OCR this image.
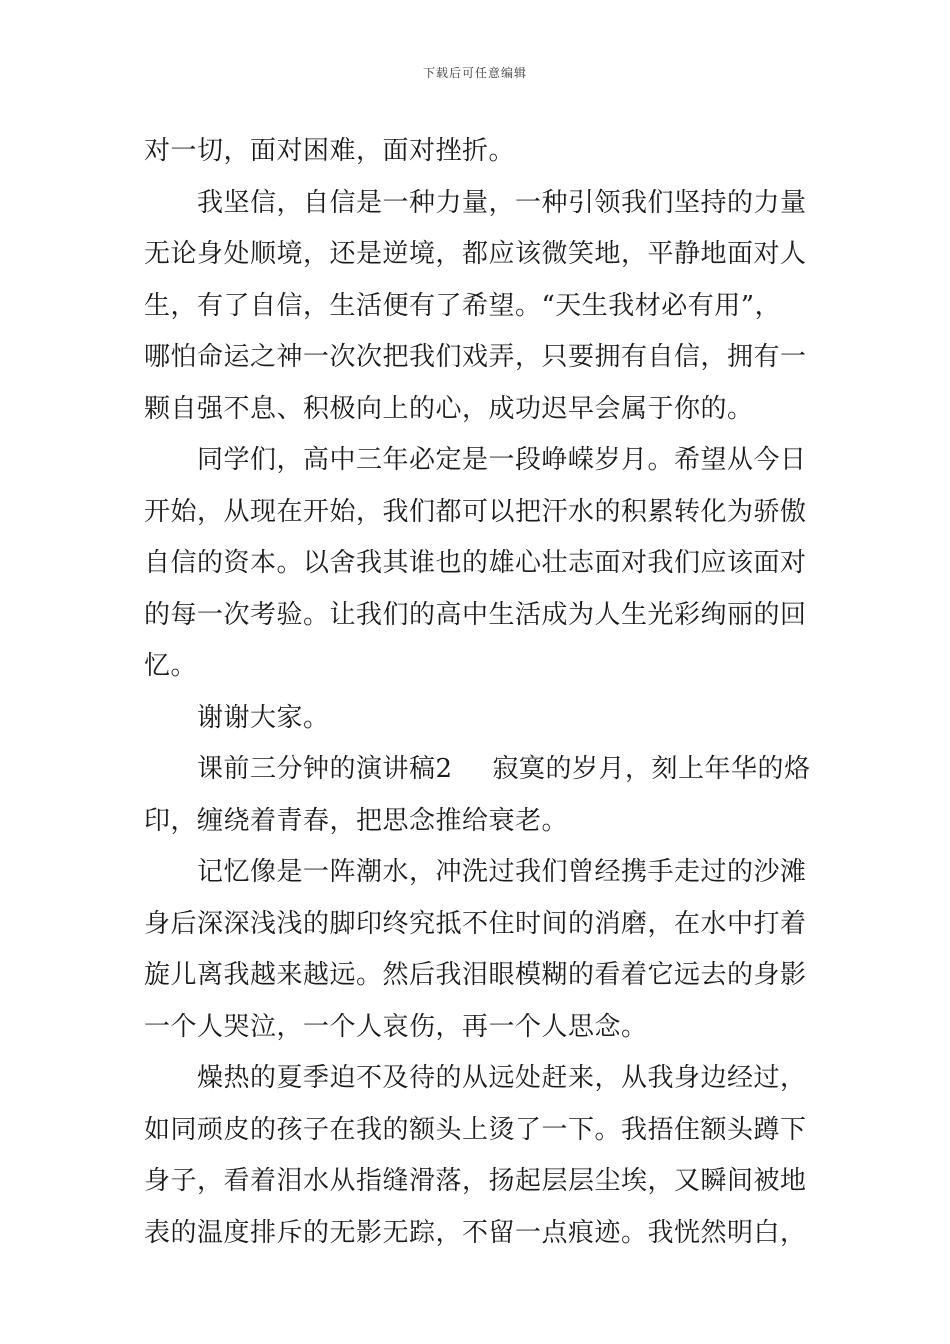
下载后可任意编辑
对一切，面对困难，面对挫折。
我坚信，自信是一种力量，一种引领我们坚持的力量
无论身处顺境，还是逆境，都应该微笑地，平静地面对人
生，有了自信，生活便有了希望。“天生我材必有用”，
哪怕命运之神一次次把我们戏弄，只要拥有自信，拥有一
颗自强不息、积极向上的心，成功迟早会属于你的。
同学们，高中三年必定是一段峥嵘岁月。希望从今日
开始，从现在开始，我们都可以把汗水的积累转化为骄傲
自信的资本。以舍我其谁也的雄心壮志面对我们应该面对
的每一次考验。让我们的高中生活成为人生光彩绚丽的回
忆。
谢谢大家。
课前三分钟的演讲稿2 寂寞的岁月，刻上年华的烙
印，缠绕着青春，把思念推给衰老。
记忆像是一阵潮水，冲洗过我们曾经携手走过的沙滩
身后深深浅浅的脚印终究抵不住时间的消磨，在水中打着
旋儿离我越来越远。然后我泪眼模糊的看着它远去的身影
一个人哭泣，一个人哀伤，再一个人思念。
燥热的夏季迫不及待的从远处赶来，从我身边经过，
如同顽皮的孩子在我的额头上烫了一下。我捂住额头蹲下
身子，看着泪水从指缝滑落，扬起层层尘埃，又瞬间被地
表的温度排斥的无影无踪，不留一点痕迹。我恍然明白，
